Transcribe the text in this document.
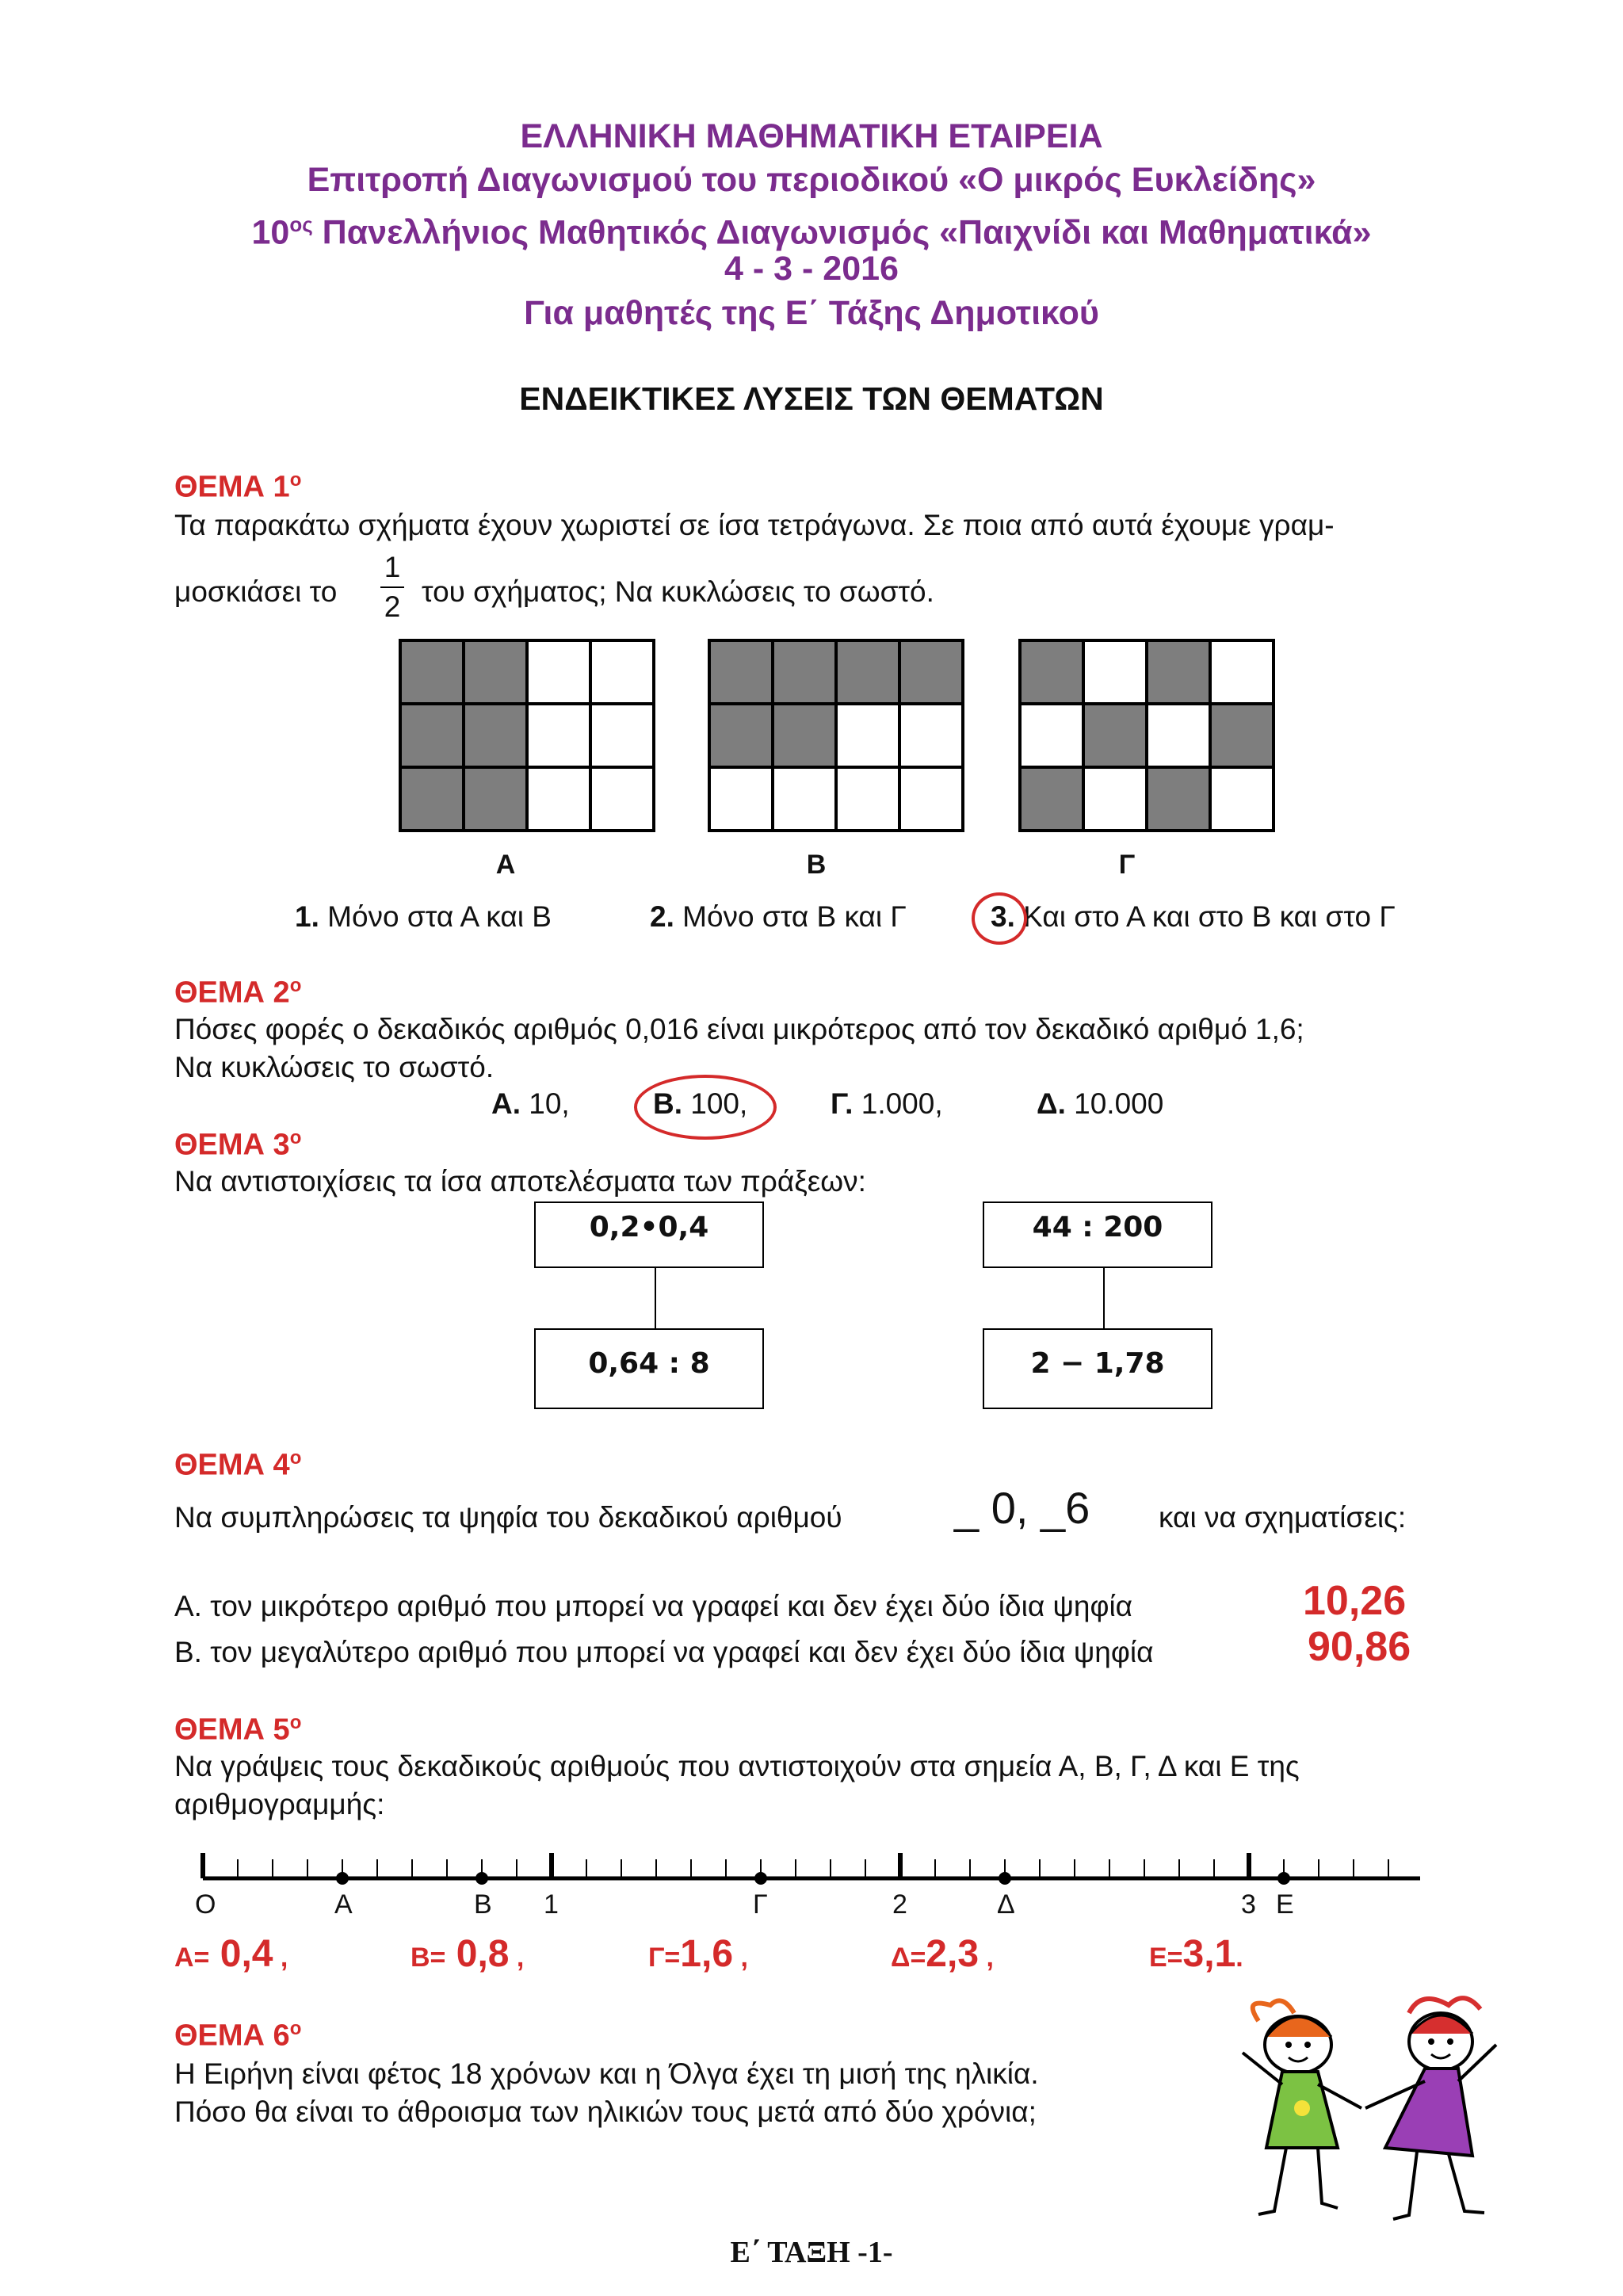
ΕΛΛΗΝΙΚΗ ΜΑΘΗΜΑΤΙΚΗ ΕΤΑΙΡΕΙΑ
Επιτροπή Διαγωνισμού του περιοδικού «Ο μικρός Ευκλείδης»
$10^{o\varsigma}$ Πανελλήνιος Μαθητικός Διαγωνισμός «Παιχνίδι και Μαθηματικά»
4 - 3 - 2016
Για μαθητές της Ε΄ Τάξης Δημοτικού
ΕΝΔΕΙΚΤΙΚΕΣ ΛΥΣΕΙΣ ΤΩΝ ΘΕΜΑΤΩΝ
ΘΕΜΑ $1^o$
Τα παρακάτω σχήματα έχουν χωριστεί σε ίσα τετράγωνα. Σε ποια από αυτά έχουμε γραμ-
μοσκιάσει το
1
2 του σχήματος; Να κυκλώσεις το σωστό.
Α	Β	Γ
1. Μόνο στα Α και Β	2. Μόνο στα Β και Γ	3. Και στο Α και στο Β και στο Γ
ΘΕΜΑ $2^o$
Πόσες φορές ο δεκαδικός αριθμός 0,016 είναι μικρότερος από τον δεκαδικό αριθμό 1,6;
Να κυκλώσεις το σωστό.
Α. 10,	Β. 100,	Γ. 1.000,	Δ. 10.000
ΘΕΜΑ $3^o$
Να αντιστοιχίσεις τα ίσα αποτελέσματα των πράξεων:
0,2•0,4	44 : 200
0,64 : 8	2 − 1,78
ΘΕΜΑ $4^o$
Να συμπληρώσεις τα ψηφία του δεκαδικού αριθμού	_ 0, _6 και να σχηματίσεις:
Α. τον μικρότερο αριθμό που μπορεί να γραφεί και δεν έχει δύο ίδια ψηφία	10,26
Β. τον μεγαλύτερο αριθμό που μπορεί να γραφεί και δεν έχει δύο ίδια ψηφία	90,86
ΘΕΜΑ $5^o$
Να γράψεις τους δεκαδικούς αριθμούς που αντιστοιχούν στα σημεία Α, Β, Γ, Δ και Ε της
αριθμογραμμής:
Ο	Α	Β 1	Γ	2	Δ	3 Ε
Α= 0,4 ,	Β= 0,8 ,	Γ=1,6 ,	Δ=2,3 ,	Ε=3,1.
ΘΕΜΑ $6^o$
Η Ειρήνη είναι φέτος 18 χρόνων και η Όλγα έχει τη μισή της ηλικία.
Πόσο θα είναι το άθροισμα των ηλικιών τους μετά από δύο χρόνια;
Ε΄ ΤΑΞΗ -1-
